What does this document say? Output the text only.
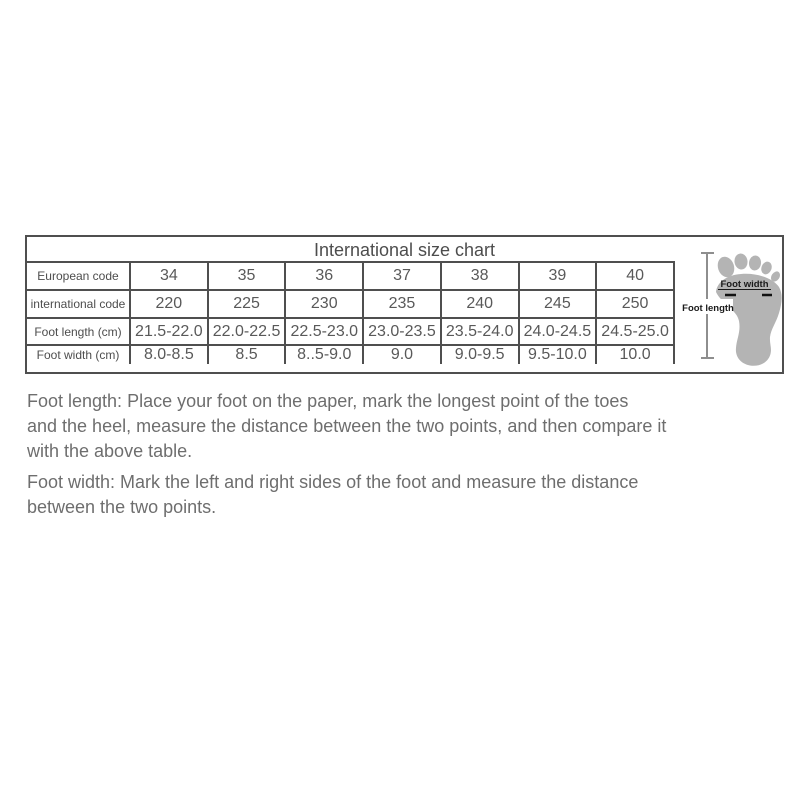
International size chart
European code	34	35	36	37	38	39	40
international code	220	225	230	235	240	245	250
Foot length (cm)	21.5-22.0	22.0-22.5	22.5-23.0	23.0-23.5	23.5-24.0	24.0-24.5	24.5-25.0
Foot width (cm)	8.0-8.5	8.5	8..5-9.0	9.0	9.0-9.5	9.5-10.0	10.0
Foot width
Foot length
Foot length: Place your foot on the paper, mark the longest point of the toes
and the heel, measure the distance between the two points, and then compare it
with the above table.
Foot width: Mark the left and right sides of the foot and measure the distance
between the two points.
